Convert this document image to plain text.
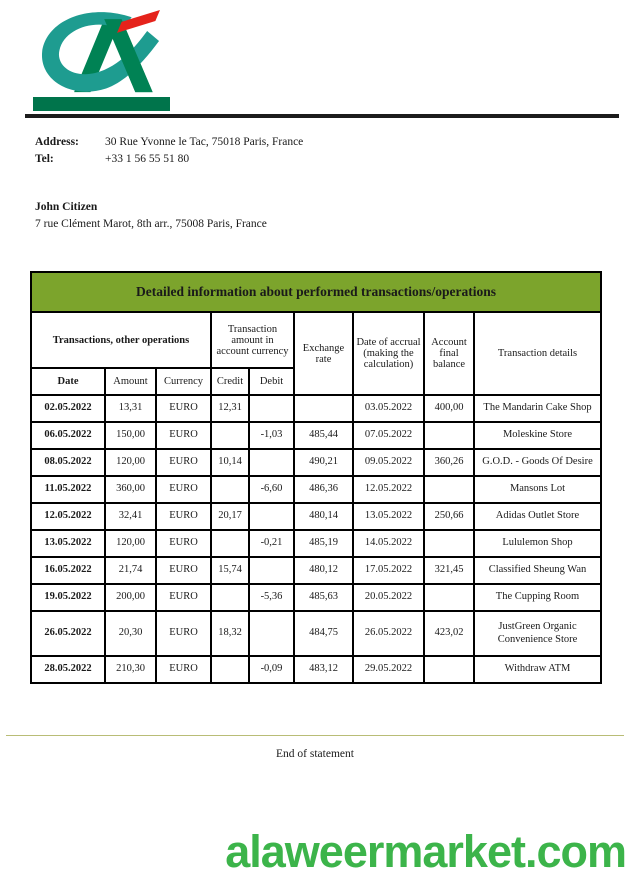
Address:	30 Rue Yvonne le Tac, 75018 Paris, France
Tel:	+33 1 56 55 51 80
John Citizen
7 rue Clément Marot, 8th arr., 75008 Paris, France
Detailed information about performed transactions/operations								
Transactions, other operations			Transaction amount in account currency		Exchange rate	Date of accrual (making the calculation)	Account final balance	Transaction details
Date	Amount	Currency	Credit	Debit				
02.05.2022	13,31	EURO	12,31			03.05.2022	400,00	The Mandarin Cake Shop
06.05.2022	150,00	EURO		-1,03	485,44	07.05.2022		Moleskine Store
08.05.2022	120,00	EURO	10,14		490,21	09.05.2022	360,26	G.O.D. - Goods Of Desire
11.05.2022	360,00	EURO		-6,60	486,36	12.05.2022		Mansons Lot
12.05.2022	32,41	EURO	20,17		480,14	13.05.2022	250,66	Adidas Outlet Store
13.05.2022	120,00	EURO		-0,21	485,19	14.05.2022		Lululemon Shop
16.05.2022	21,74	EURO	15,74		480,12	17.05.2022	321,45	Classified Sheung Wan
19.05.2022	200,00	EURO		-5,36	485,63	20.05.2022		The Cupping Room
26.05.2022	20,30	EURO	18,32		484,75	26.05.2022	423,02	JustGreen Organic Convenience Store
28.05.2022	210,30	EURO		-0,09	483,12	29.05.2022		Withdraw ATM
End of statement
alaweermarket.com
